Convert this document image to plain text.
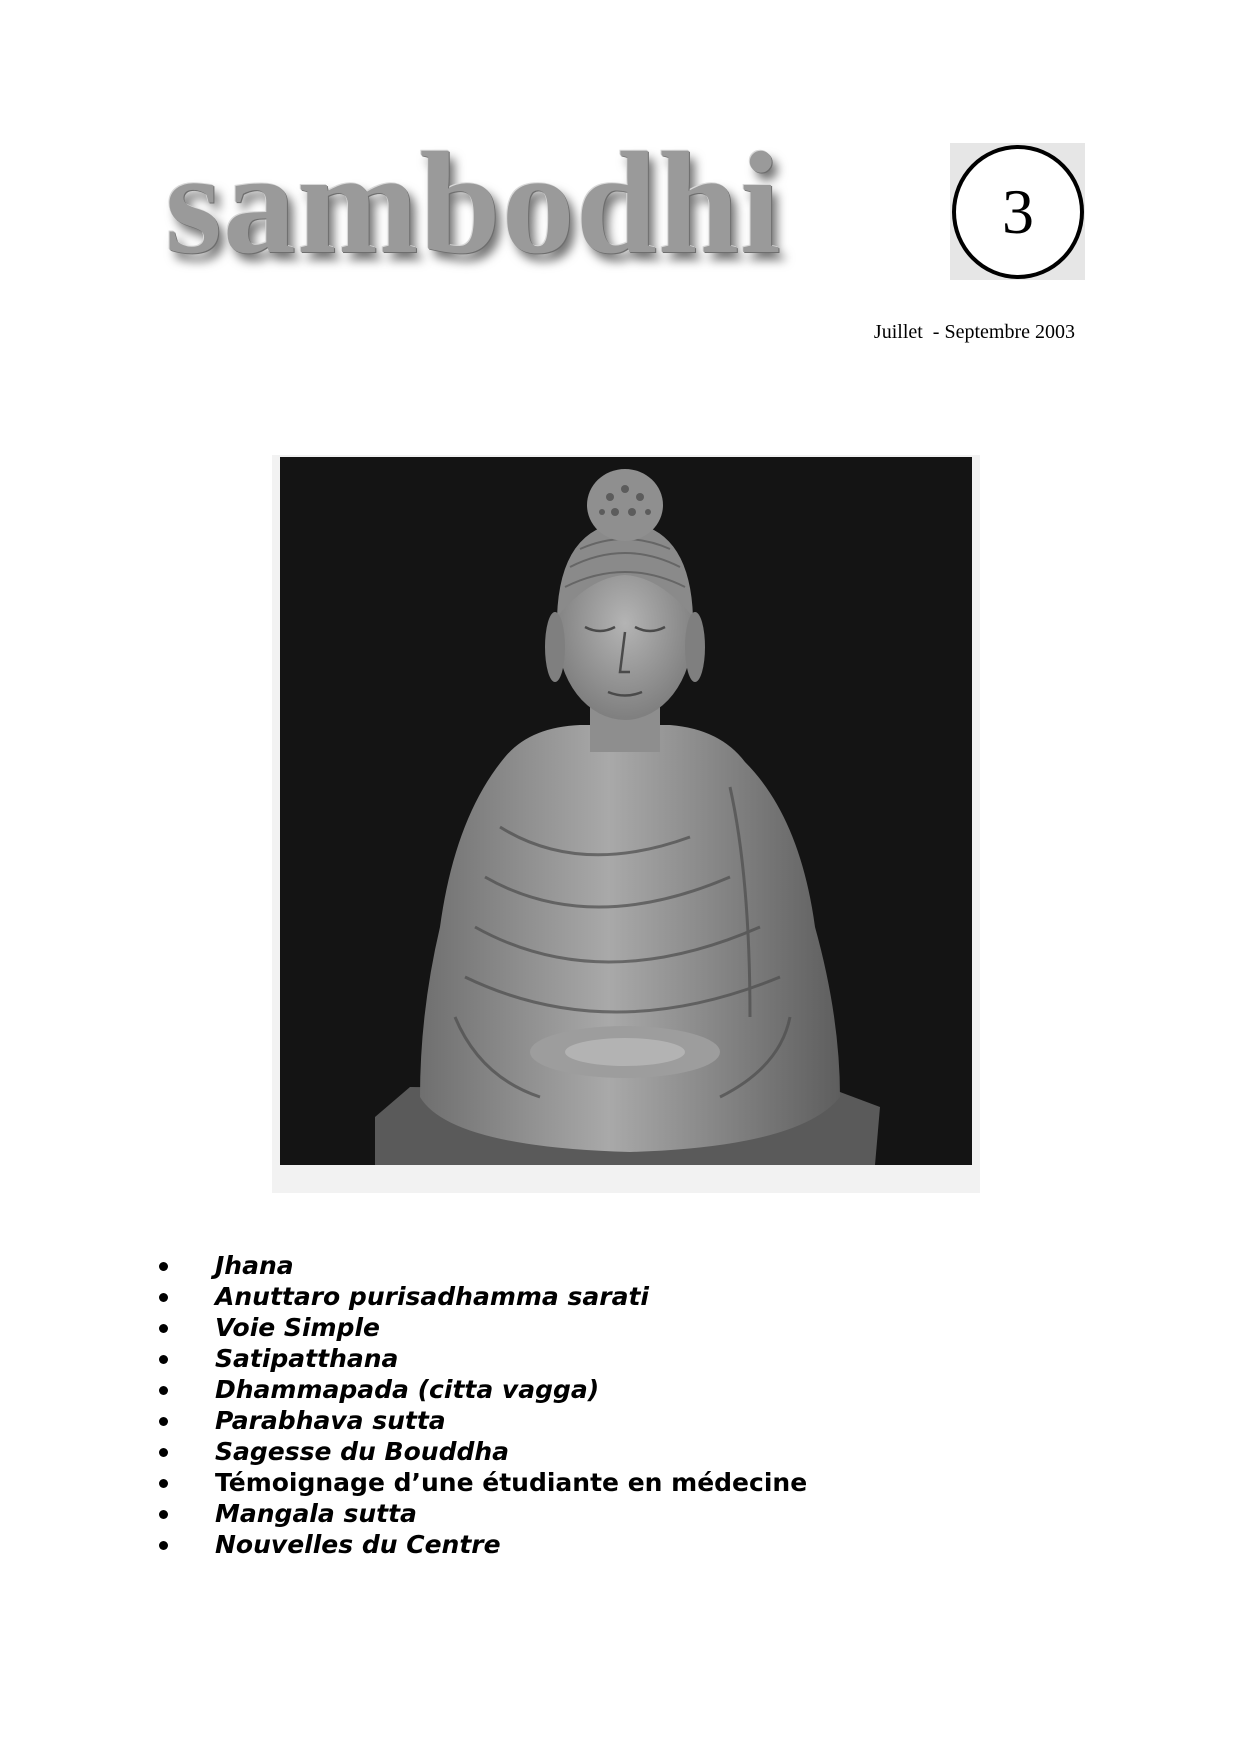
sambodhi	3
Juillet  - Septembre 2003
Jhana
Anuttaro purisadhamma sarati
Voie Simple
Satipatthana
Dhammapada (citta vagga)
Parabhava sutta
Sagesse du Bouddha
Témoignage d’une étudiante en médecine
Mangala sutta
Nouvelles du Centre
